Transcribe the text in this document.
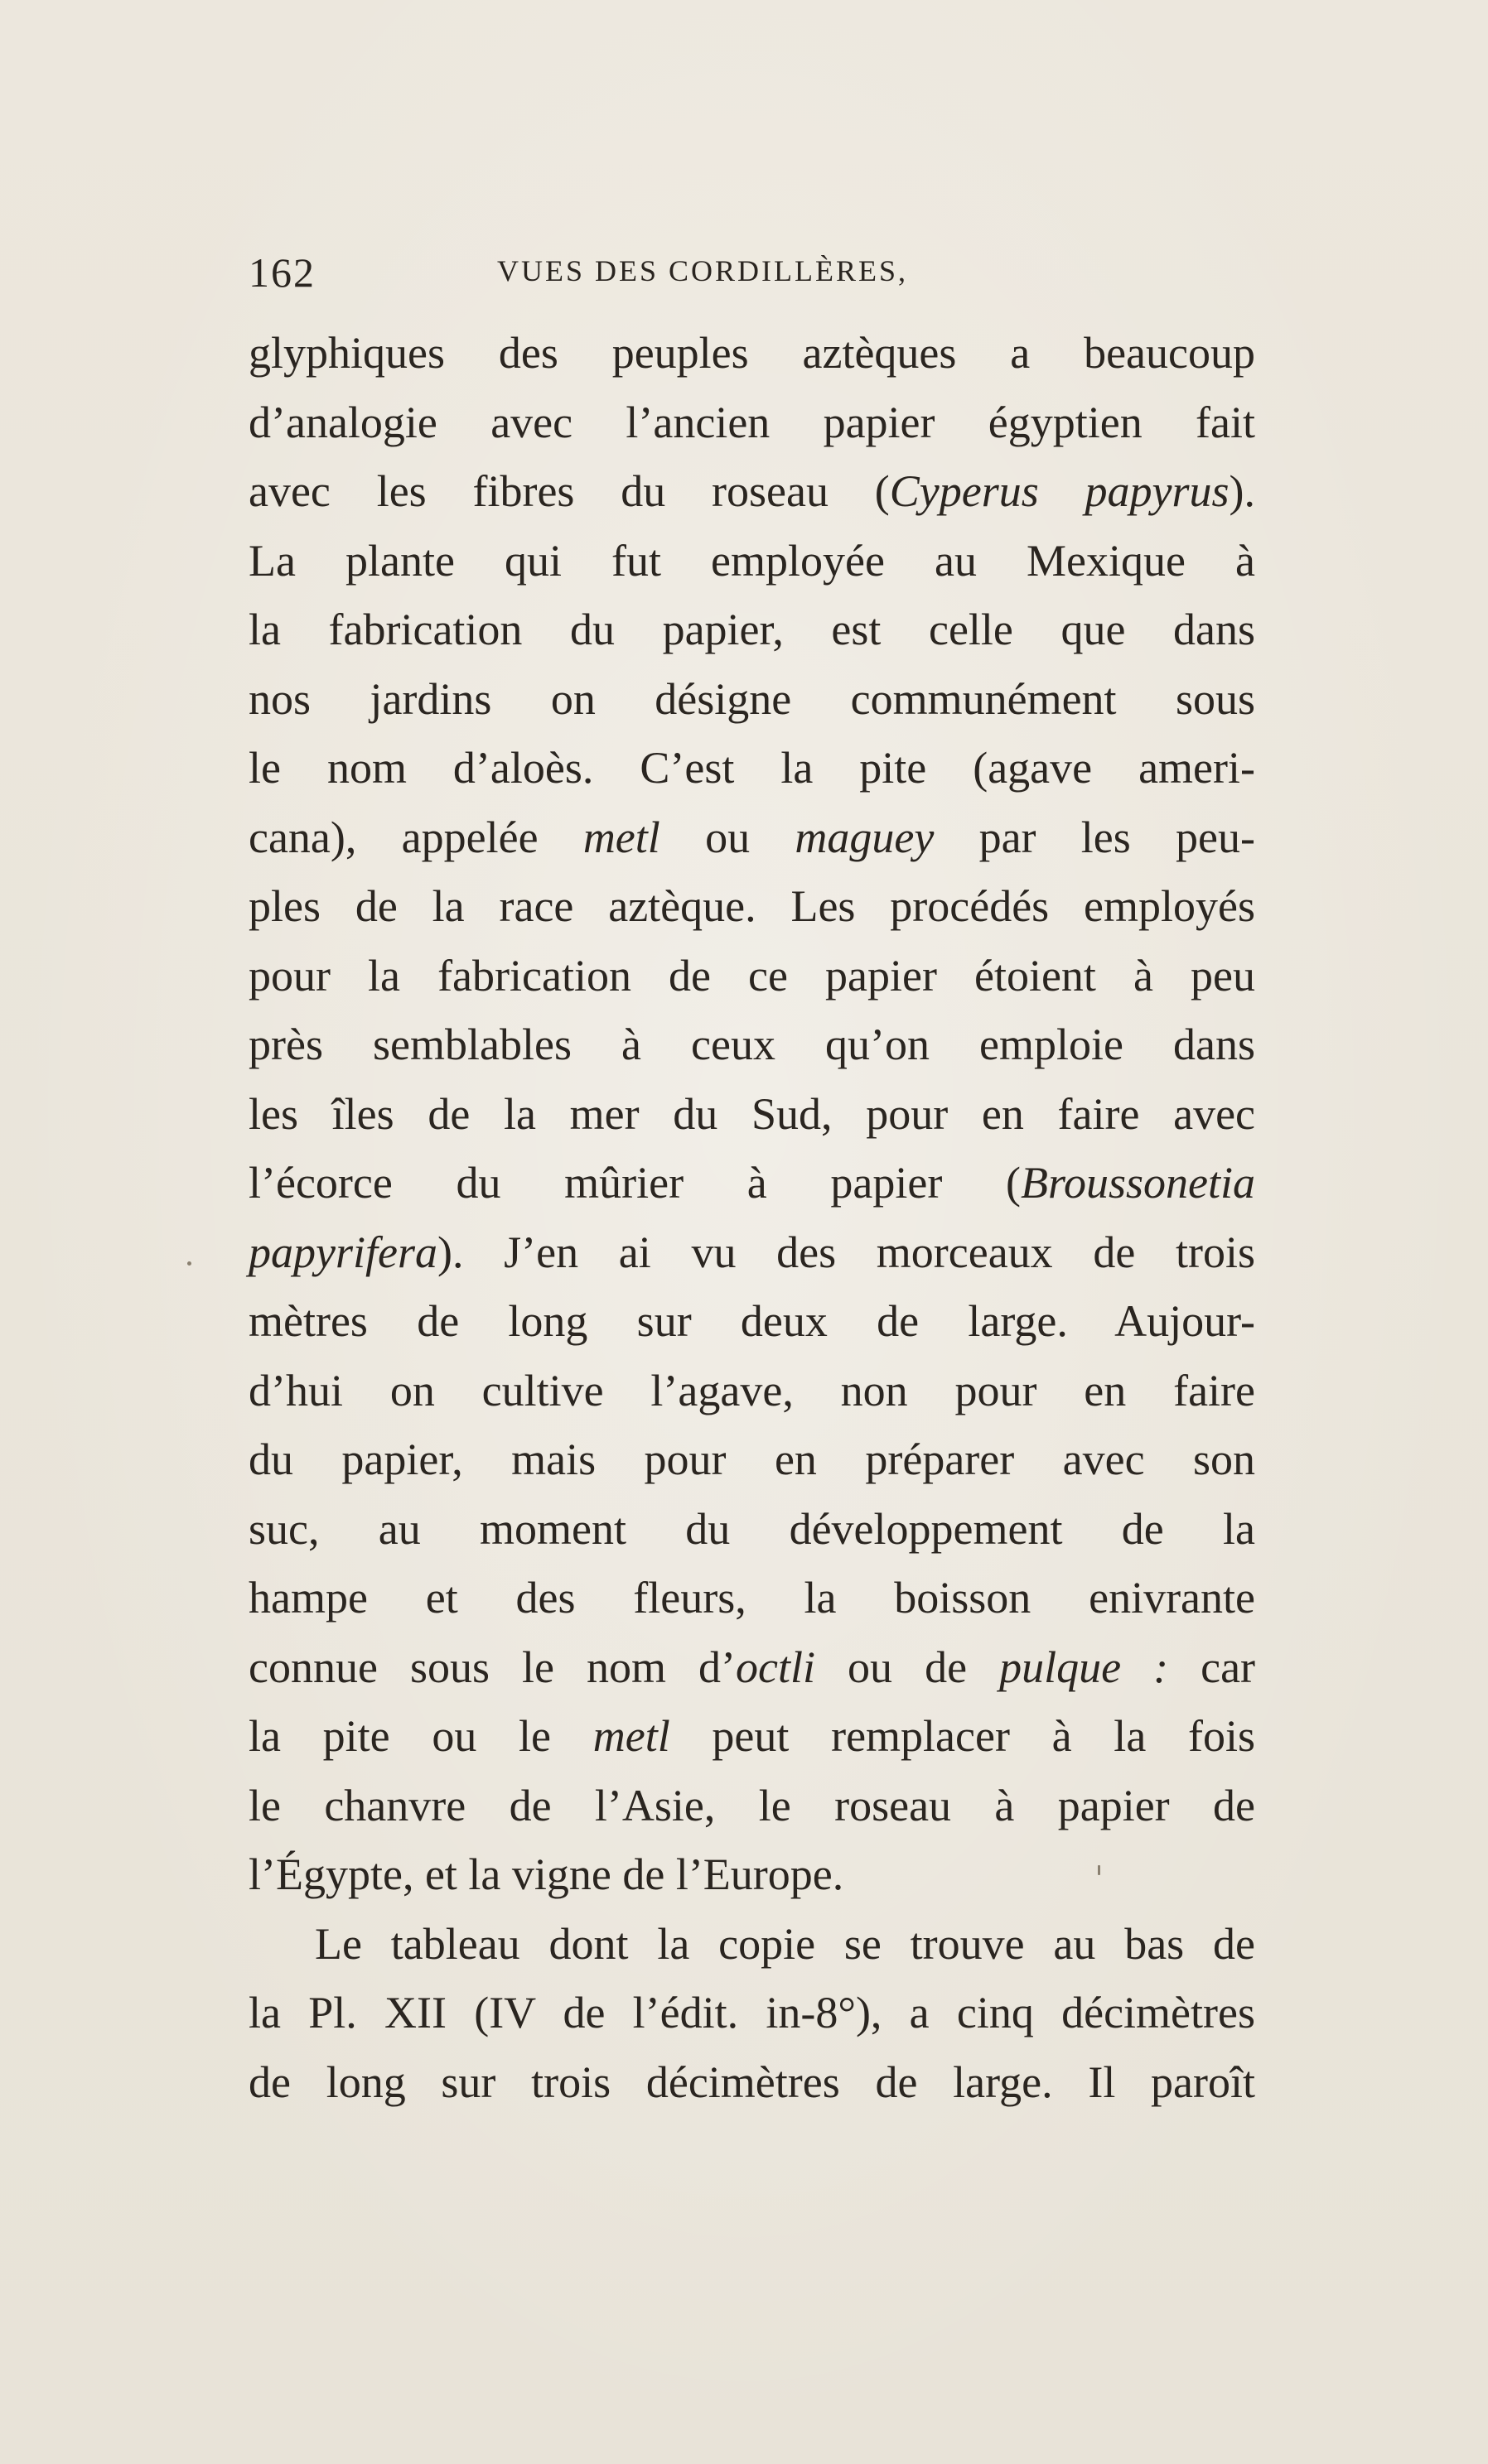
162	VUES DES CORDILLÈRES,
glyphiques des peuples aztèques a beaucoup
d’analogie avec l’ancien papier égyptien fait
avec les fibres du roseau (Cyperus papyrus).
La plante qui fut employée au Mexique à
la fabrication du papier, est celle que dans
nos jardins on désigne communément sous
le nom d’aloès. C’est la pite (agave ameri-
cana), appelée metl ou maguey par les peu-
ples de la race aztèque. Les procédés employés
pour la fabrication de ce papier étoient à peu
près semblables à ceux qu’on emploie dans
les îles de la mer du Sud, pour en faire avec
l’écorce du mûrier à papier (Broussonetia
papyrifera). J’en ai vu des morceaux de trois
mètres de long sur deux de large. Aujour-
d’hui on cultive l’agave, non pour en faire
du papier, mais pour en préparer avec son
suc, au moment du développement de la
hampe et des fleurs, la boisson enivrante
connue sous le nom d’octli ou de pulque : car
la pite ou le metl peut remplacer à la fois
le chanvre de l’Asie, le roseau à papier de
l’Égypte, et la vigne de l’Europe.
Le tableau dont la copie se trouve au bas de
la Pl. XII (IV de l’édit. in-8°), a cinq décimètres
de long sur trois décimètres de large. Il paroît
